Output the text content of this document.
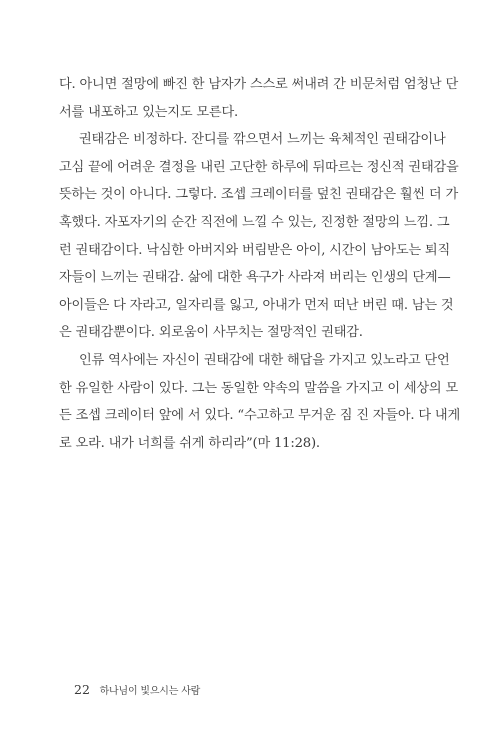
다. 아니면 절망에 빠진 한 남자가 스스로 써내려 간 비문처럼 엄청난 단
서를 내포하고 있는지도 모른다.
권태감은 비정하다. 잔디를 깎으면서 느끼는 육체적인 권태감이나
고심 끝에 어려운 결정을 내린 고단한 하루에 뒤따르는 정신적 권태감을
뜻하는 것이 아니다. 그렇다. 조셉 크레이터를 덮친 권태감은 훨씬 더 가
혹했다. 자포자기의 순간 직전에 느낄 수 있는, 진정한 절망의 느낌. 그
런 권태감이다. 낙심한 아버지와 버림받은 아이, 시간이 남아도는 퇴직
자들이 느끼는 권태감. 삶에 대한 욕구가 사라져 버리는 인생의 단계—
아이들은 다 자라고, 일자리를 잃고, 아내가 먼저 떠난 버린 때. 남는 것
은 권태감뿐이다. 외로움이 사무치는 절망적인 권태감.
인류 역사에는 자신이 권태감에 대한 해답을 가지고 있노라고 단언
한 유일한 사람이 있다. 그는 동일한 약속의 말씀을 가지고 이 세상의 모
든 조셉 크레이터 앞에 서 있다. “수고하고 무거운 짐 진 자들아. 다 내게
로 오라. 내가 너희를 쉬게 하리라”(마 11:28).
22 하나님이 빛으시는 사람
